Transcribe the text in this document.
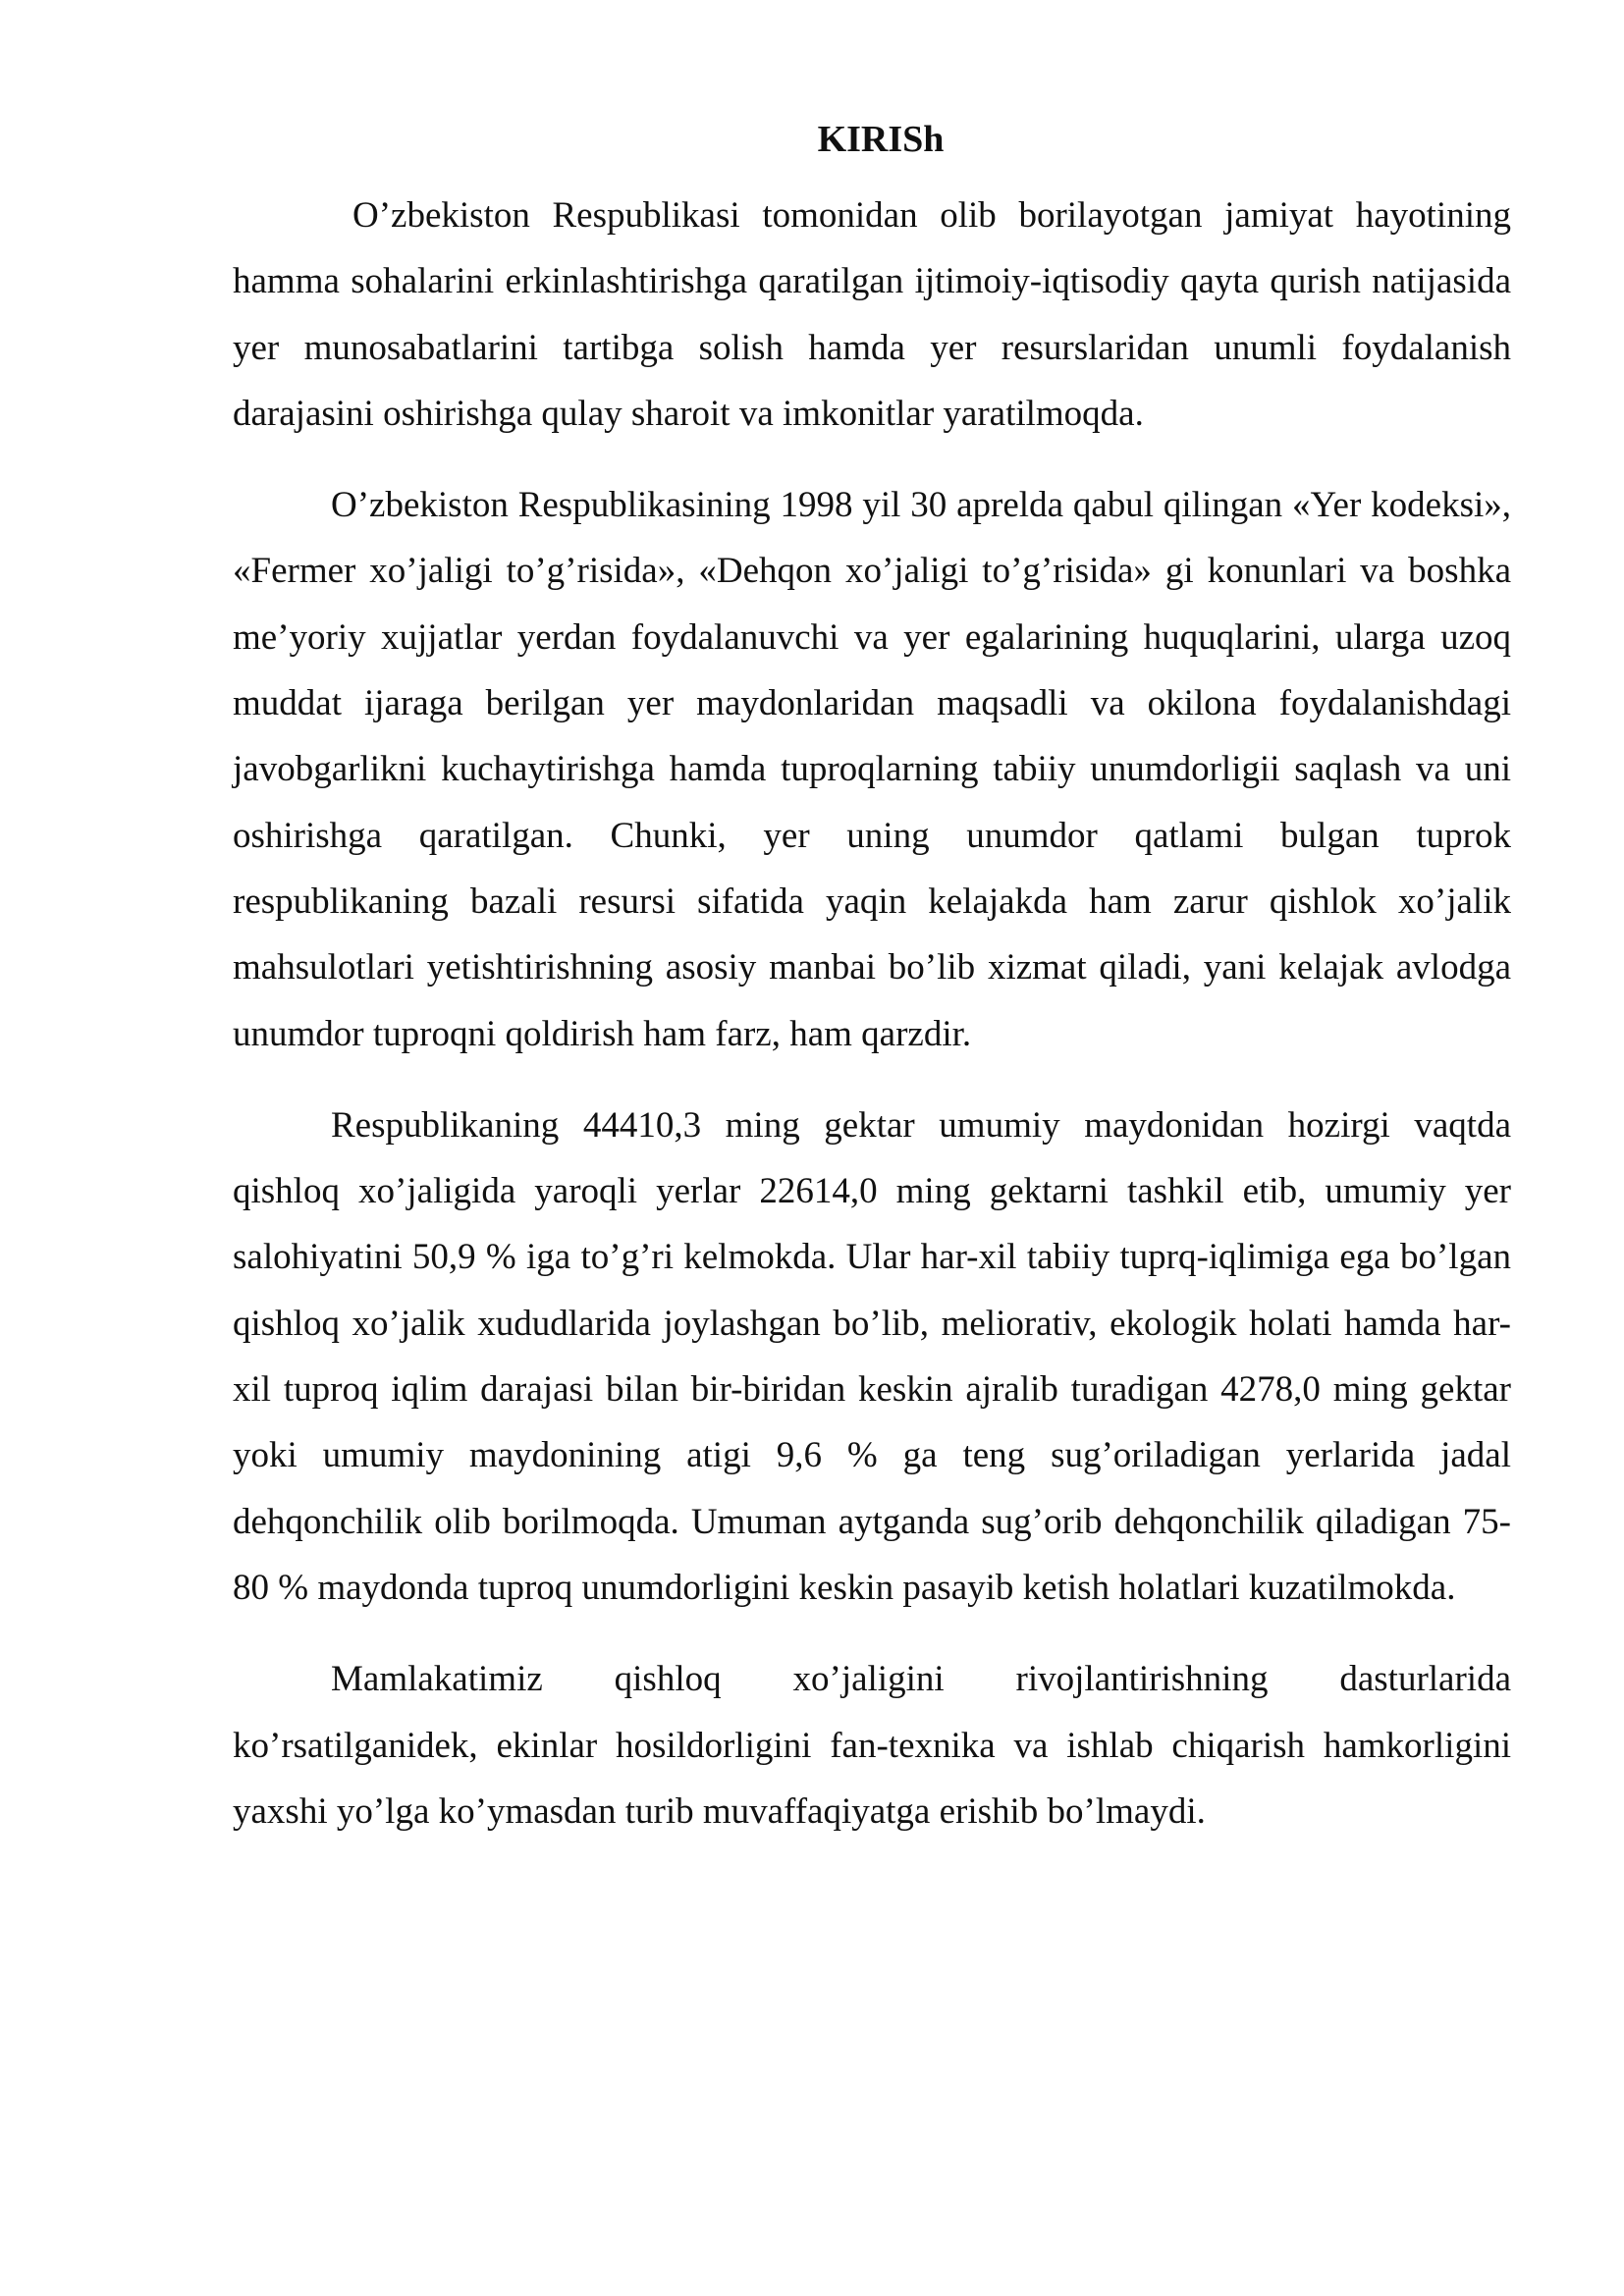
KIRISh

O’zbekiston Respublikasi tomonidan olib borilayotgan jamiyat hayotining hamma sohalarini erkinlashtirishga qaratilgan ijtimoiy-iqtisodiy qayta qurish natijasida yer munosabatlarini tartibga solish hamda yer resurslaridan unumli foydalanish darajasini oshirishga qulay sharoit va imkonitlar yaratilmoqda.

O’zbekiston Respublikasining 1998 yil 30 aprelda qabul qilingan «Yer kodeksi», «Fermer xo’jaligi to’g’risida», «Dehqon xo’jaligi to’g’risida» gi konunlari va boshka me’yoriy xujjatlar yerdan foydalanuvchi va yer egalarining huquqlarini, ularga uzoq muddat ijaraga berilgan yer maydonlaridan maqsadli va okilona foydalanishdagi javobgarlikni kuchaytirishga hamda tuproqlarning tabiiy unumdorligii saqlash va uni oshirishga qaratilgan. Chunki, yer uning unumdor qatlami bulgan tuprok respublikaning bazali resursi sifatida yaqin kelajakda ham zarur qishlok xo’jalik mahsulotlari yetishtirishning asosiy manbai bo’lib xizmat qiladi, yani kelajak avlodga unumdor tuproqni qoldirish ham farz, ham qarzdir.

Respublikaning 44410,3 ming gektar umumiy maydonidan hozirgi vaqtda qishloq xo’jaligida yaroqli yerlar 22614,0 ming gektarni tashkil etib, umumiy yer salohiyatini 50,9 % iga to’g’ri kelmokda. Ular har-xil tabiiy tuprq-iqlimiga ega bo’lgan qishloq xo’jalik xududlarida joylashgan bo’lib, meliorativ, ekologik holati hamda har-xil tuproq iqlim darajasi bilan bir-biridan keskin ajralib turadigan 4278,0 ming gektar yoki umumiy maydonining atigi 9,6 % ga teng sug’oriladigan yerlarida jadal dehqonchilik olib borilmoqda. Umuman aytganda sug’orib dehqonchilik qiladigan 75-80 % maydonda tuproq unumdorligini keskin pasayib ketish holatlari kuzatilmokda.

Mamlakatimiz qishloq xo’jaligini rivojlantirishning dasturlarida ko’rsatilganidek, ekinlar hosildorligini fan-texnika va ishlab chiqarish hamkorligini yaxshi yo’lga ko’ymasdan turib muvaffaqiyatga erishib bo’lmaydi.
